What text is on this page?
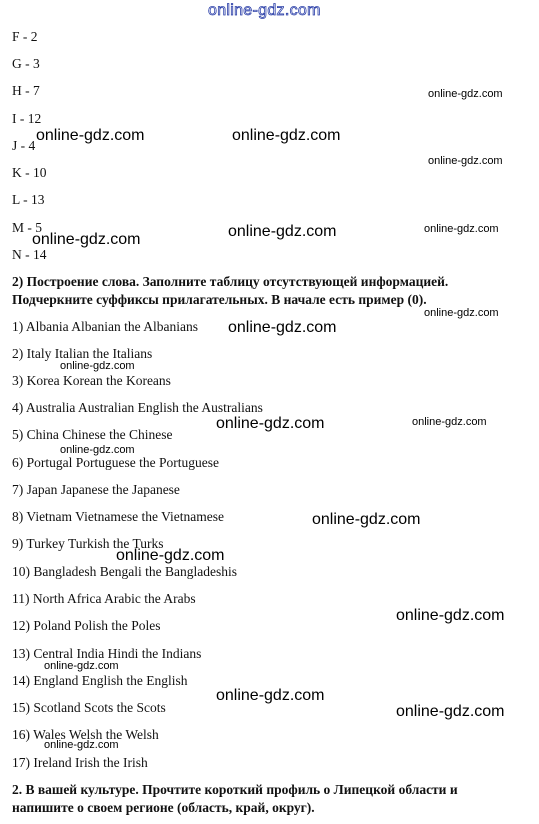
online-gdz.com
F - 2
G - 3
H - 7
I - 12
J - 4
K - 10
L - 13
M - 5
N - 14
2) Построение слова. Заполните таблицу отсутствующей информацией.
Подчеркните суффиксы прилагательных. В начале есть пример (0).
1) Albania Albanian the Albanians
2) Italy Italian the Italians
3) Korea Korean the Koreans
4) Australia Australian English the Australians
5) China Chinese the Chinese
6) Portugal Portuguese the Portuguese
7) Japan Japanese the Japanese
8) Vietnam Vietnamese the Vietnamese
9) Turkey Turkish the Turks
10) Bangladesh Bengali the Bangladeshis
11) North Africa Arabic the Arabs
12) Poland Polish the Poles
13) Central India Hindi the Indians
14) England English the English
15) Scotland Scots the Scots
16) Wales Welsh the Welsh
17) Ireland Irish the Irish
2. В вашей культуре. Прочтите короткий профиль о Липецкой области и
напишите о своем регионе (область, край, округ).
online-gdz.com
online-gdz.com	online-gdz.com
online-gdz.com
online-gdz.com
online-gdz.com
online-gdz.com
online-gdz.com
online-gdz.com
online-gdz.com
online-gdz.com
online-gdz.com
online-gdz.com
online-gdz.com
online-gdz.com
online-gdz.com
online-gdz.com
online-gdz.com
online-gdz.com
online-gdz.com
